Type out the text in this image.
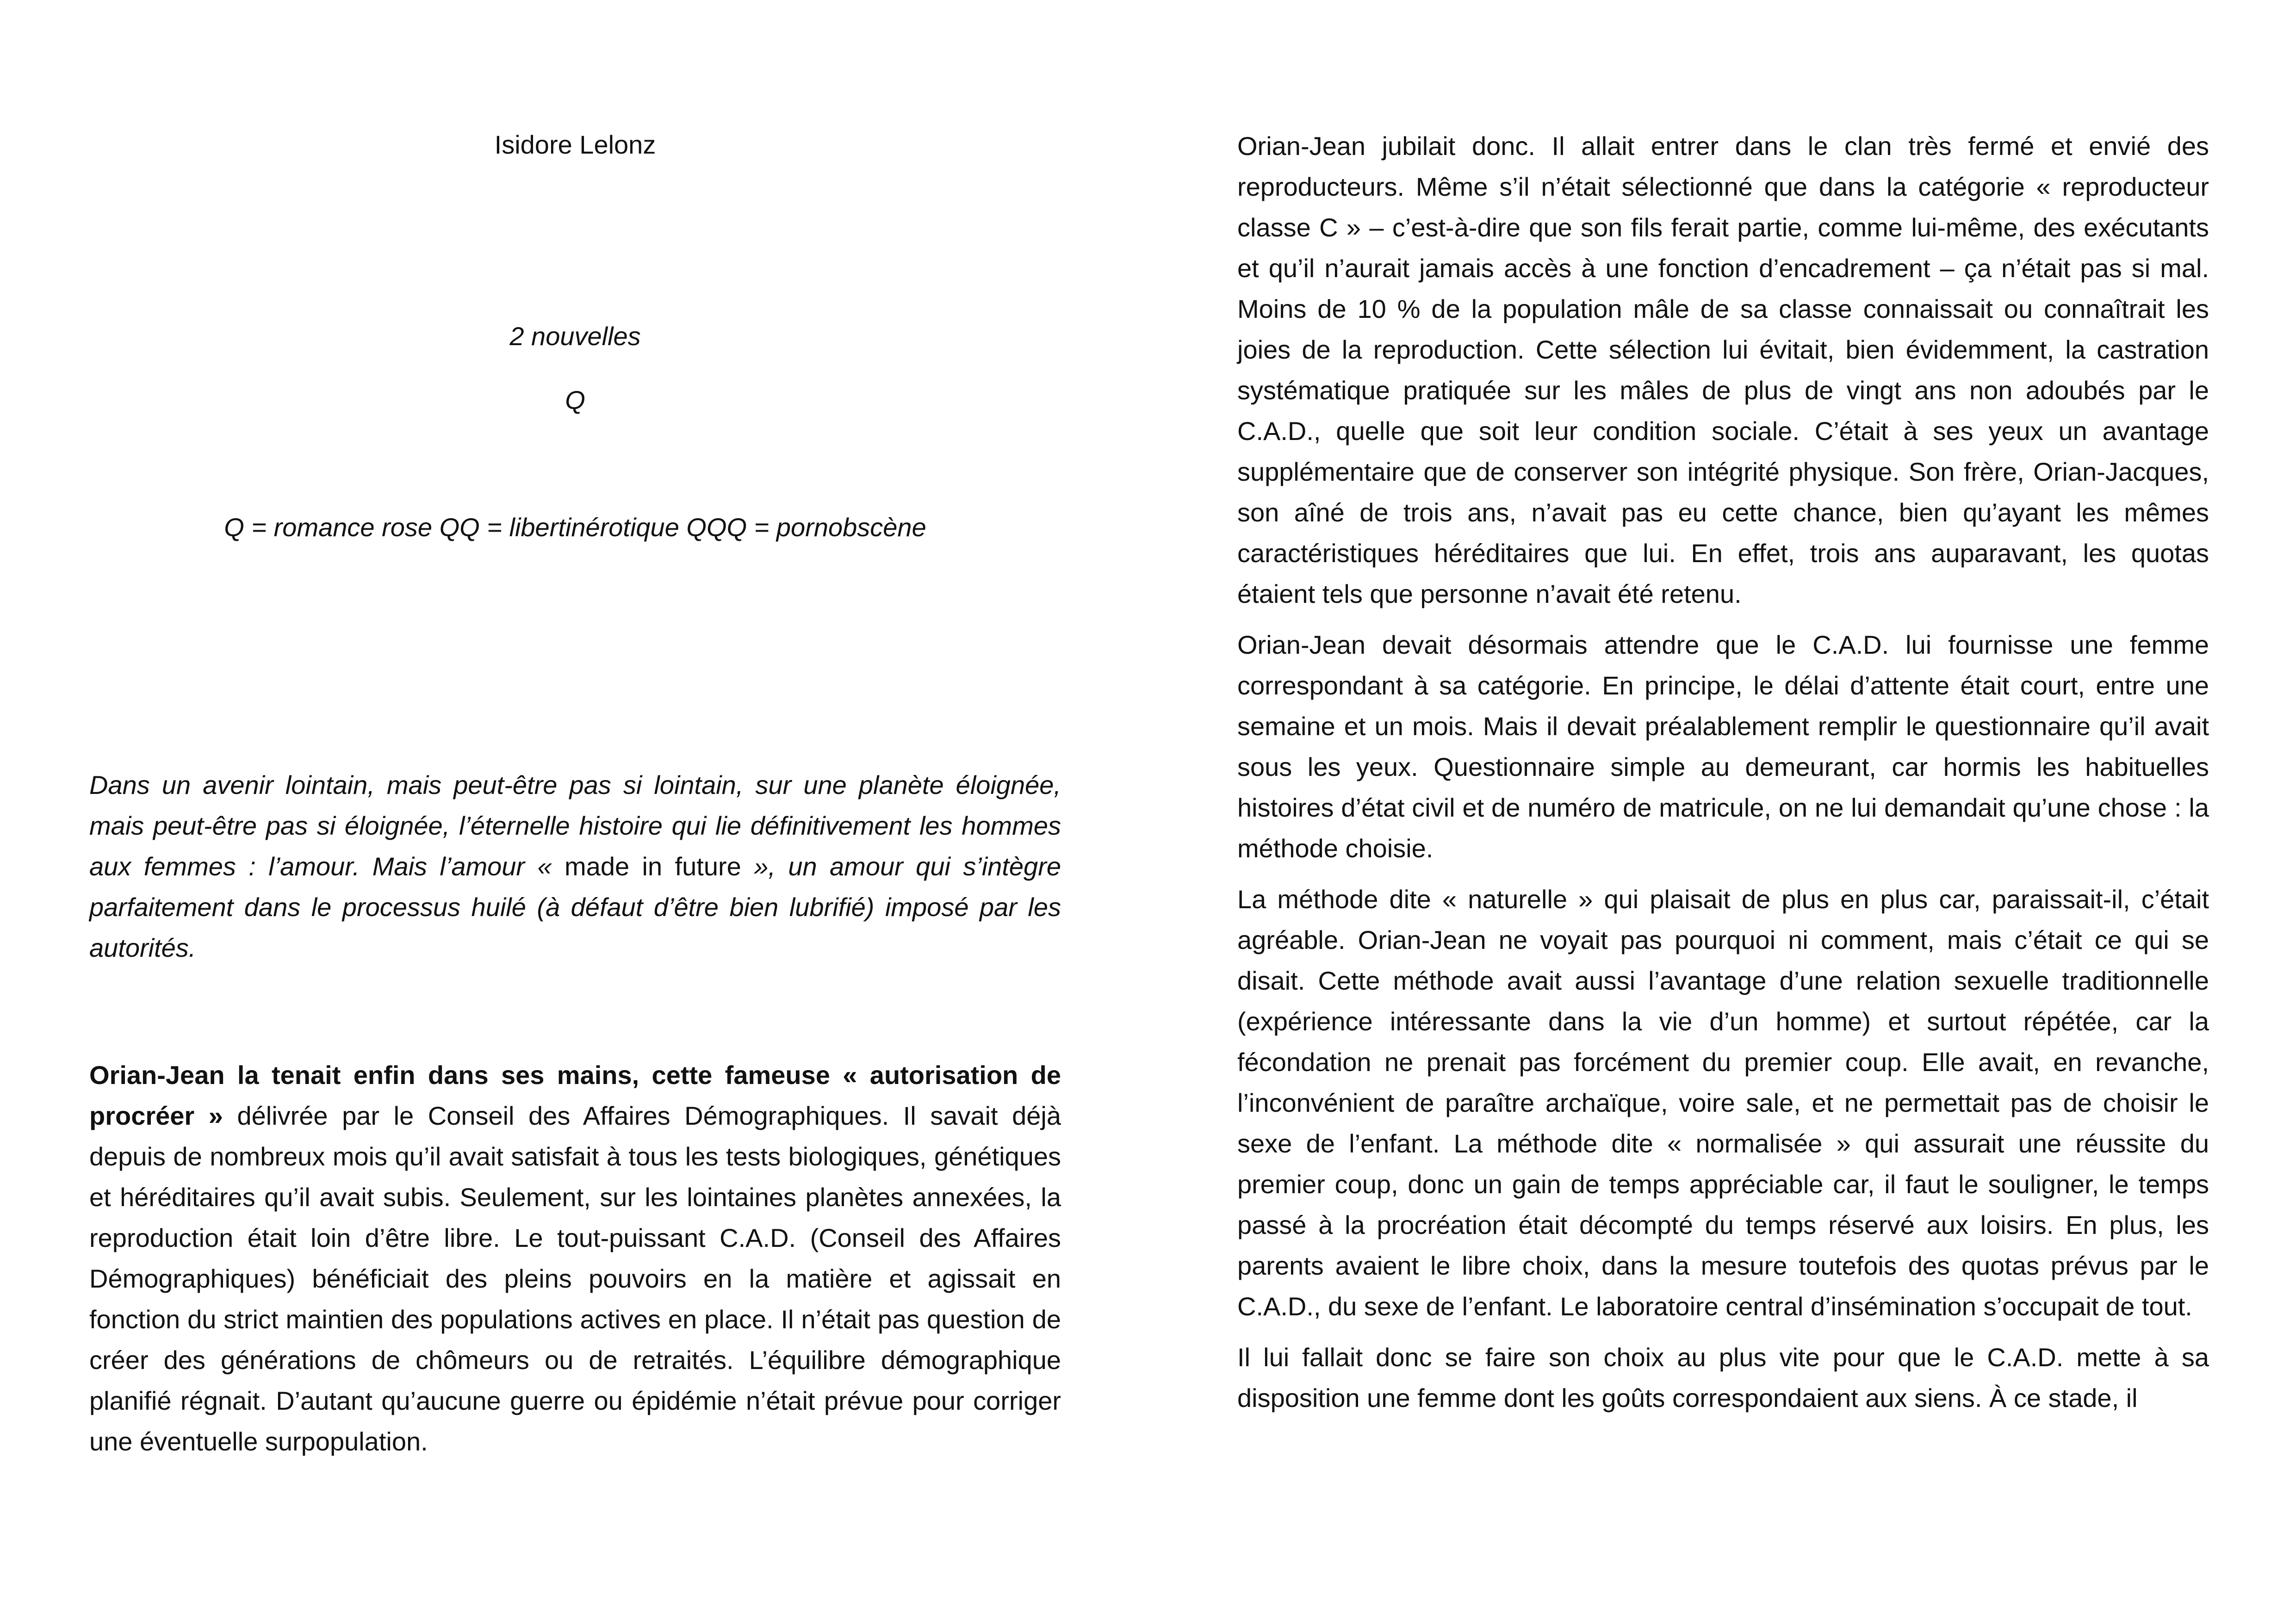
Isidore Lelonz

2 nouvelles

Q

Q = romance rose QQ = libertinérotique QQQ = pornobscène

Dans un avenir lointain, mais peut-être pas si lointain, sur une planète éloignée, mais peut-être pas si éloignée, l’éternelle histoire qui lie définitivement les hommes aux femmes : l’amour. Mais l’amour « made in future », un amour qui s’intègre parfaitement dans le processus huilé (à défaut d’être bien lubrifié) imposé par les autorités.

Orian-Jean la tenait enfin dans ses mains, cette fameuse « autorisation de procréer » délivrée par le Conseil des Affaires Démographiques. Il savait déjà depuis de nombreux mois qu’il avait satisfait à tous les tests biologiques, génétiques et héréditaires qu’il avait subis. Seulement, sur les lointaines planètes annexées, la reproduction était loin d’être libre. Le tout-puissant C.A.D. (Conseil des Affaires Démographiques) bénéficiait des pleins pouvoirs en la matière et agissait en fonction du strict maintien des populations actives en place. Il n’était pas question de créer des générations de chômeurs ou de retraités. L’équilibre démographique planifié régnait. D’autant qu’aucune guerre ou épidémie n’était prévue pour corriger une éventuelle surpopulation.

Orian-Jean jubilait donc. Il allait entrer dans le clan très fermé et envié des reproducteurs. Même s’il n’était sélectionné que dans la catégorie « reproducteur classe C » – c’est-à-dire que son fils ferait partie, comme lui-même, des exécutants et qu’il n’aurait jamais accès à une fonction d’encadrement – ça n’était pas si mal. Moins de 10 % de la population mâle de sa classe connaissait ou connaîtrait les joies de la reproduction. Cette sélection lui évitait, bien évidemment, la castration systématique pratiquée sur les mâles de plus de vingt ans non adoubés par le C.A.D., quelle que soit leur condition sociale. C’était à ses yeux un avantage supplémentaire que de conserver son intégrité physique. Son frère, Orian-Jacques, son aîné de trois ans, n’avait pas eu cette chance, bien qu’ayant les mêmes caractéristiques héréditaires que lui. En effet, trois ans auparavant, les quotas étaient tels que personne n’avait été retenu.

Orian-Jean devait désormais attendre que le C.A.D. lui fournisse une femme correspondant à sa catégorie. En principe, le délai d’attente était court, entre une semaine et un mois. Mais il devait préalablement remplir le questionnaire qu’il avait sous les yeux. Questionnaire simple au demeurant, car hormis les habituelles histoires d’état civil et de numéro de matricule, on ne lui demandait qu’une chose : la méthode choisie.

La méthode dite « naturelle » qui plaisait de plus en plus car, paraissait-il, c’était agréable. Orian-Jean ne voyait pas pourquoi ni comment, mais c’était ce qui se disait. Cette méthode avait aussi l’avantage d’une relation sexuelle traditionnelle (expérience intéressante dans la vie d’un homme) et surtout répétée, car la fécondation ne prenait pas forcément du premier coup. Elle avait, en revanche, l’inconvénient de paraître archaïque, voire sale, et ne permettait pas de choisir le sexe de l’enfant. La méthode dite « normalisée » qui assurait une réussite du premier coup, donc un gain de temps appréciable car, il faut le souligner, le temps passé à la procréation était décompté du temps réservé aux loisirs. En plus, les parents avaient le libre choix, dans la mesure toutefois des quotas prévus par le C.A.D., du sexe de l’enfant. Le laboratoire central d’insémination s’occupait de tout.

Il lui fallait donc se faire son choix au plus vite pour que le C.A.D. mette à sa disposition une femme dont les goûts correspondaient aux siens. À ce stade, il
